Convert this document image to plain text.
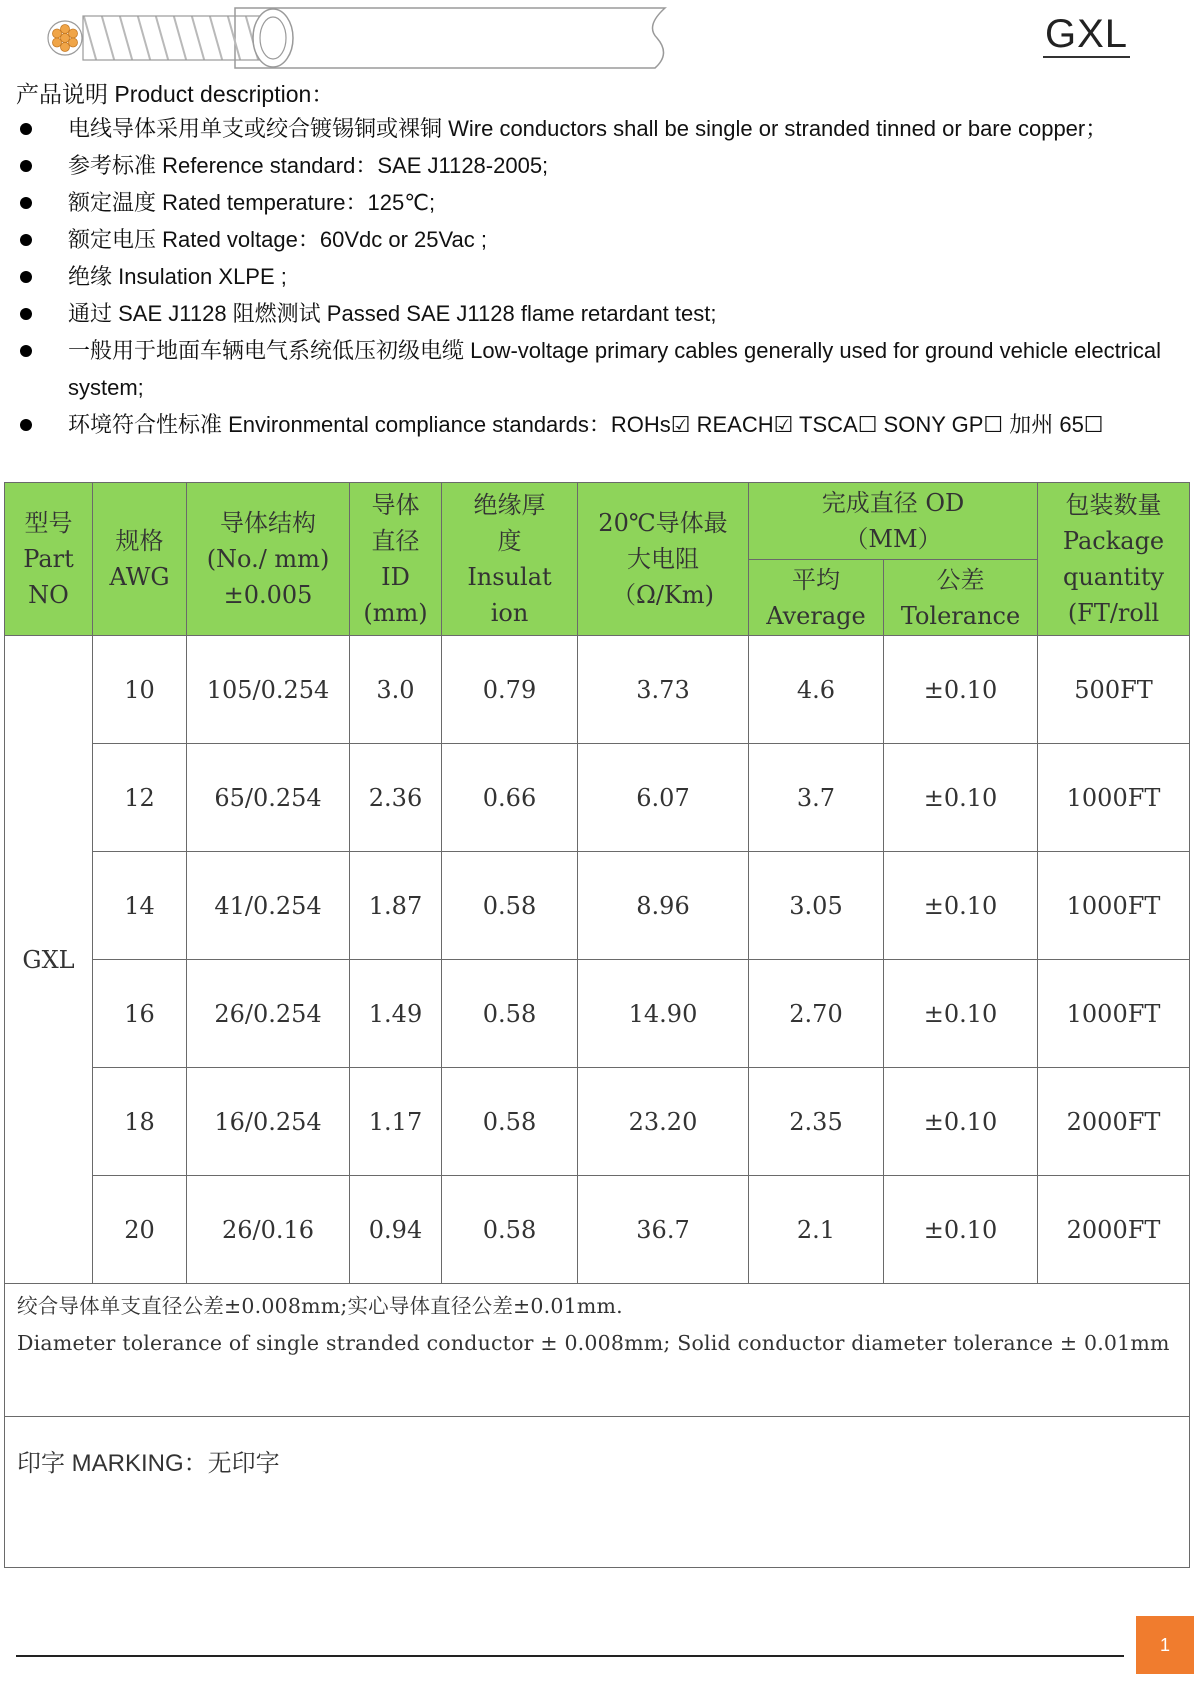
GXL
产品说明 Product description：
电线导体采用单支或绞合镀锡铜或裸铜 Wire conductors shall be single or stranded tinned or bare copper；
参考标准 Reference standard：SAE J1128-2005;
额定温度 Rated temperature：125℃;
额定电压 Rated voltage：60Vdc or 25Vac ;
绝缘 Insulation XLPE ;
通过 SAE J1128 阻燃测试 Passed SAE J1128 flame retardant test;
一般用于地面车辆电气系统低压初级电缆 Low-voltage primary cables generally used for ground vehicle electrical system;
环境符合性标准 Environmental compliance standards：ROHs☑ REACH☑ TSCA☐ SONY GP☐ 加州 65☐
型号
Part
NO	规格
AWG	导体结构
(No./ mm)
±0.005	导体
直径
ID
(mm)	绝缘厚
度
Insulat
ion	20℃导体最
大电阻
（Ω/Km)	完成直径 OD
（MM）		包装数量
Package
quantity
(FT/roll
						平均
Average	公差
Tolerance	
GXL	10	105/0.254	3.0	0.79	3.73	4.6	±0.10	500FT
	12	65/0.254	2.36	0.66	6.07	3.7	±0.10	1000FT
	14	41/0.254	1.87	0.58	8.96	3.05	±0.10	1000FT
	16	26/0.254	1.49	0.58	14.90	2.70	±0.10	1000FT
	18	16/0.254	1.17	0.58	23.20	2.35	±0.10	2000FT
	20	26/0.16	0.94	0.58	36.7	2.1	±0.10	2000FT

绞合导体单支直径公差±0.008mm;实心导体直径公差±0.01mm.
Diameter tolerance of single stranded conductor ± 0.008mm; Solid conductor diameter tolerance ± 0.01mm								

印字 MARKING：无印字								
1
